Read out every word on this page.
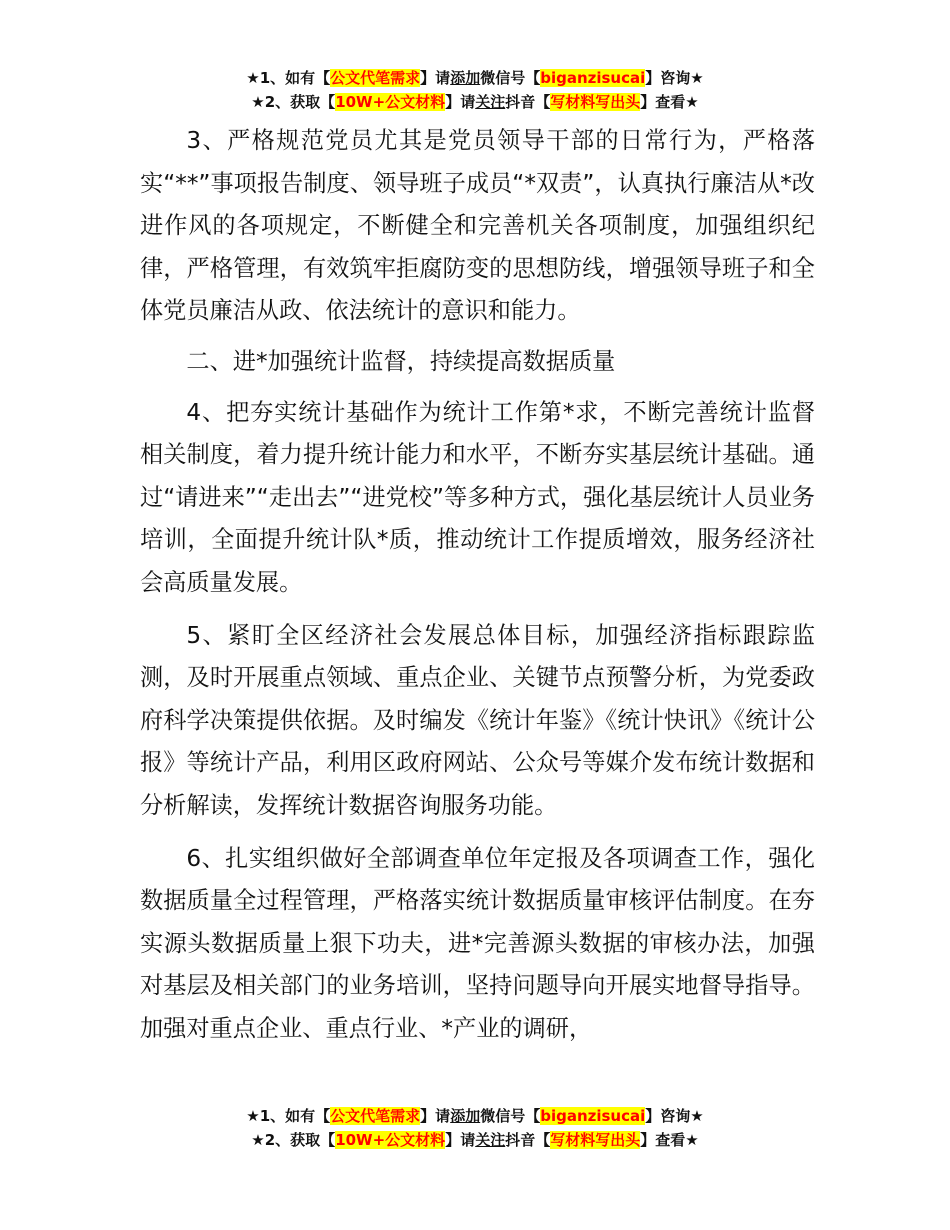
★1、如有【公文代笔需求】请添加微信号【biganzisucai】咨询★
★2、获取【10W+公文材料】请关注抖音【写材料写出头】查看★

3、严格规范党员尤其是党员领导干部的日常行为，严格落实“**”事项报告制度、领导班子成员“*双责”，认真执行廉洁从*改进作风的各项规定，不断健全和完善机关各项制度，加强组织纪律，严格管理，有效筑牢拒腐防变的思想防线，增强领导班子和全体党员廉洁从政、依法统计的意识和能力。

二、进*加强统计监督，持续提高数据质量

4、把夯实统计基础作为统计工作第*求，不断完善统计监督相关制度，着力提升统计能力和水平，不断夯实基层统计基础。通过“请进来”“走出去”“进党校”等多种方式，强化基层统计人员业务培训，全面提升统计队*质，推动统计工作提质增效，服务经济社会高质量发展。

5、紧盯全区经济社会发展总体目标，加强经济指标跟踪监测，及时开展重点领域、重点企业、关键节点预警分析，为党委政府科学决策提供依据。及时编发《统计年鉴》《统计快讯》《统计公报》等统计产品，利用区政府网站、公众号等媒介发布统计数据和分析解读，发挥统计数据咨询服务功能。

6、扎实组织做好全部调查单位年定报及各项调查工作，强化数据质量全过程管理，严格落实统计数据质量审核评估制度。在夯实源头数据质量上狠下功夫，进*完善源头数据的审核办法，加强对基层及相关部门的业务培训，坚持问题导向开展实地督导指导。加强对重点企业、重点行业、*产业的调研，

★1、如有【公文代笔需求】请添加微信号【biganzisucai】咨询★
★2、获取【10W+公文材料】请关注抖音【写材料写出头】查看★
